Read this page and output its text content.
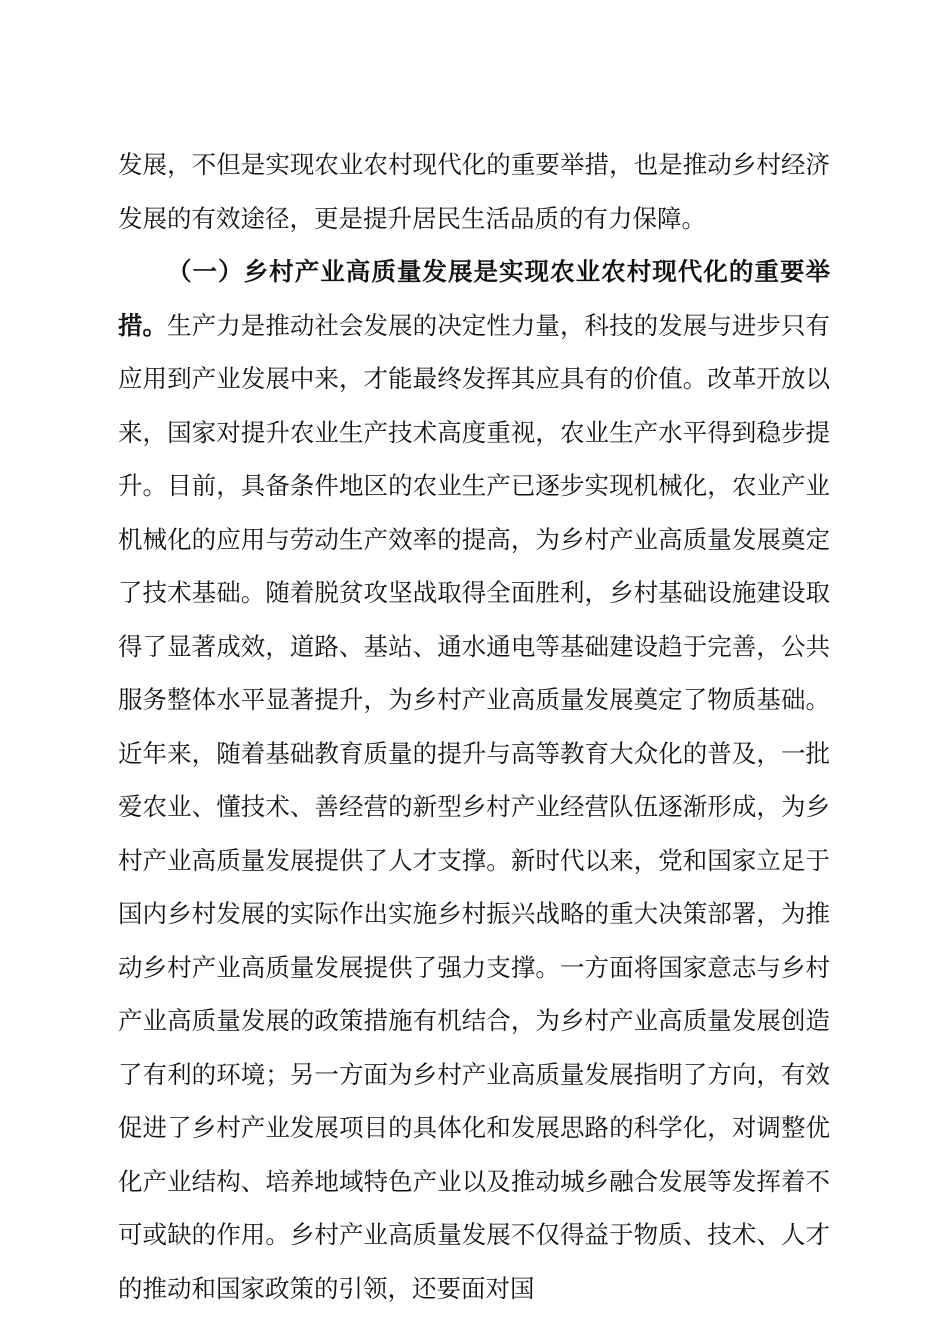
发展，不但是实现农业农村现代化的重要举措，也是推动乡村经济发展的有效途径，更是提升居民生活品质的有力保障。

（一）乡村产业高质量发展是实现农业农村现代化的重要举措。生产力是推动社会发展的决定性力量，科技的发展与进步只有应用到产业发展中来，才能最终发挥其应具有的价值。改革开放以来，国家对提升农业生产技术高度重视，农业生产水平得到稳步提升。目前，具备条件地区的农业生产已逐步实现机械化，农业产业机械化的应用与劳动生产效率的提高，为乡村产业高质量发展奠定了技术基础。随着脱贫攻坚战取得全面胜利，乡村基础设施建设取得了显著成效，道路、基站、通水通电等基础建设趋于完善，公共服务整体水平显著提升，为乡村产业高质量发展奠定了物质基础。近年来，随着基础教育质量的提升与高等教育大众化的普及，一批爱农业、懂技术、善经营的新型乡村产业经营队伍逐渐形成，为乡村产业高质量发展提供了人才支撑。新时代以来，党和国家立足于国内乡村发展的实际作出实施乡村振兴战略的重大决策部署，为推动乡村产业高质量发展提供了强力支撑。一方面将国家意志与乡村产业高质量发展的政策措施有机结合，为乡村产业高质量发展创造了有利的环境；另一方面为乡村产业高质量发展指明了方向，有效促进了乡村产业发展项目的具体化和发展思路的科学化，对调整优化产业结构、培养地域特色产业以及推动城乡融合发展等发挥着不可或缺的作用。乡村产业高质量发展不仅得益于物质、技术、人才的推动和国家政策的引领，还要面对国
